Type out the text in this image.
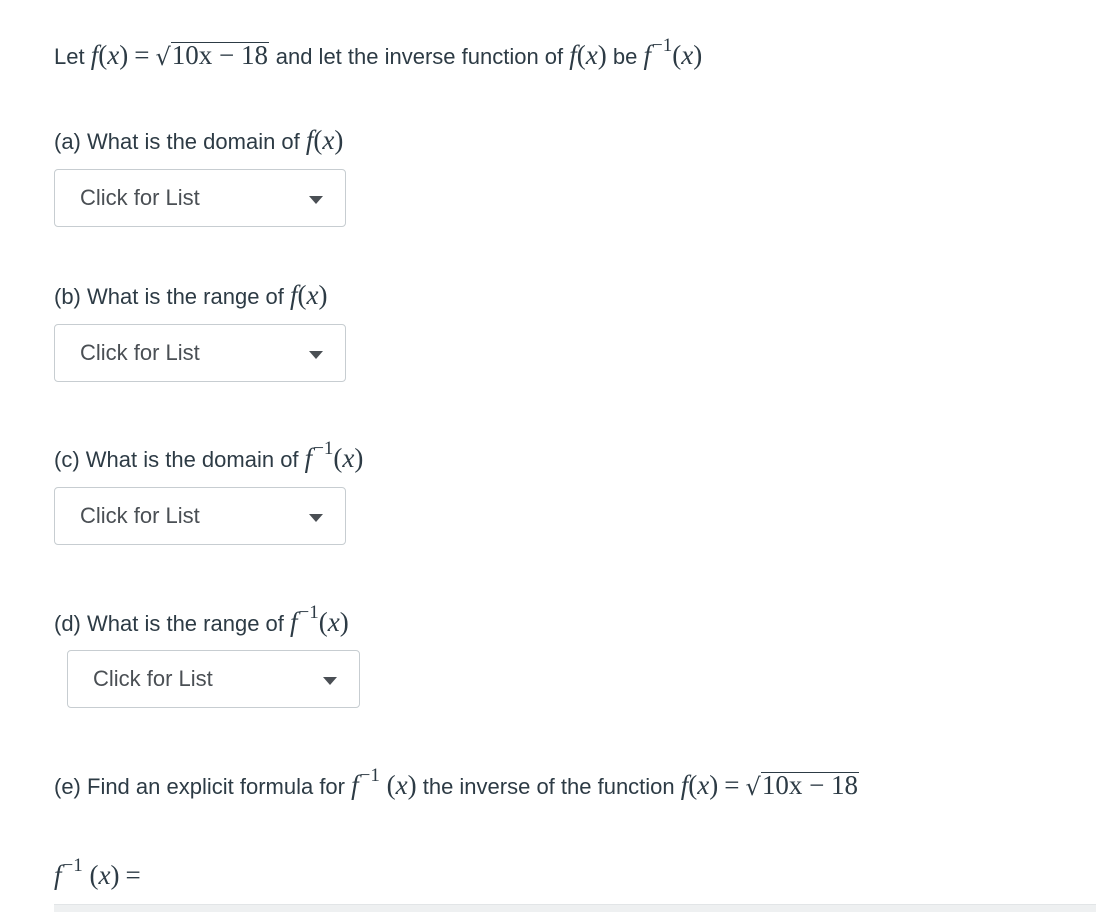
Let f(x) = √10x − 18 and let the inverse function of f(x) be $f^{-1}(x)$
(a) What is the domain of f(x)
Click for List
(b) What is the range of f(x)
Click for List
(c) What is the domain of $f^{-1}(x)$
Click for List
(d) What is the range of $f^{-1}(x)$
Click for List
(e) Find an explicit formula for $f^{-1}$ (x) the inverse of the function f(x) = √10x − 18
$f^{-1}$ (x) =
